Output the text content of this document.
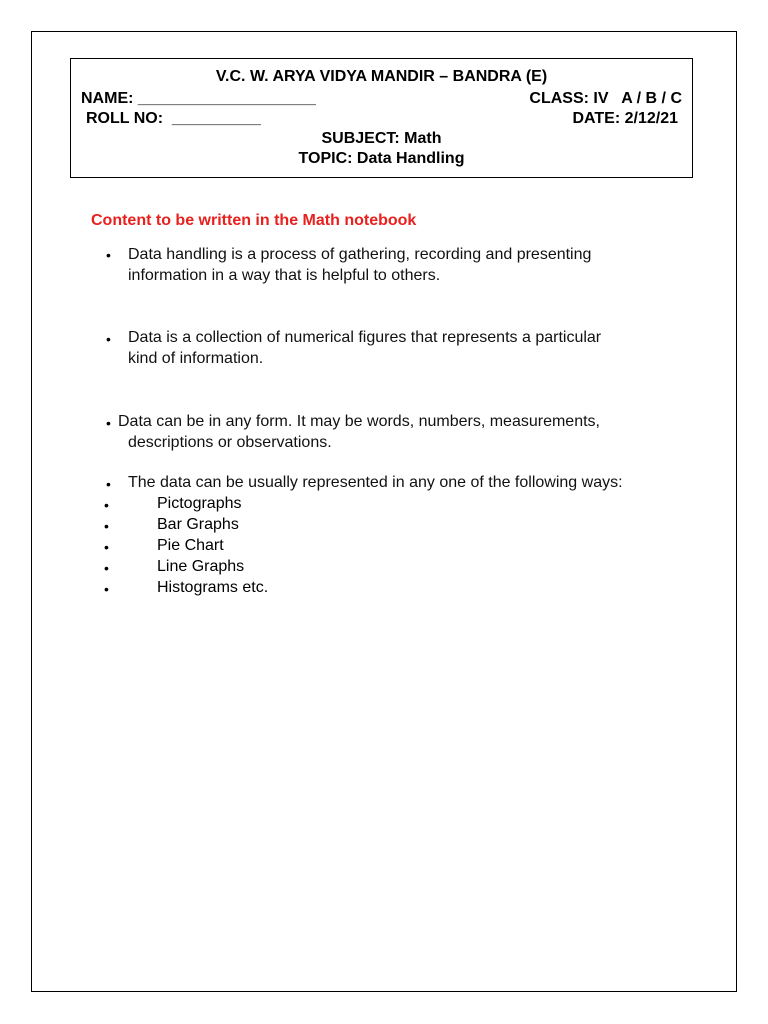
V.C. W. ARYA VIDYA MANDIR – BANDRA (E)
NAME: ____________________	CLASS: IV   A / B / C
ROLL NO:  __________	DATE: 2/12/21
SUBJECT: Math
TOPIC: Data Handling
Content to be written in the Math notebook
• Data handling is a process of gathering, recording and presenting
information in a way that is helpful to others.
• Data is a collection of numerical figures that represents a particular
kind of information.
• Data can be in any form. It may be words, numbers, measurements,
descriptions or observations.
• The data can be usually represented in any one of the following ways:
•	Pictographs
•	Bar Graphs
•	Pie Chart
•	Line Graphs
•	Histograms etc.
